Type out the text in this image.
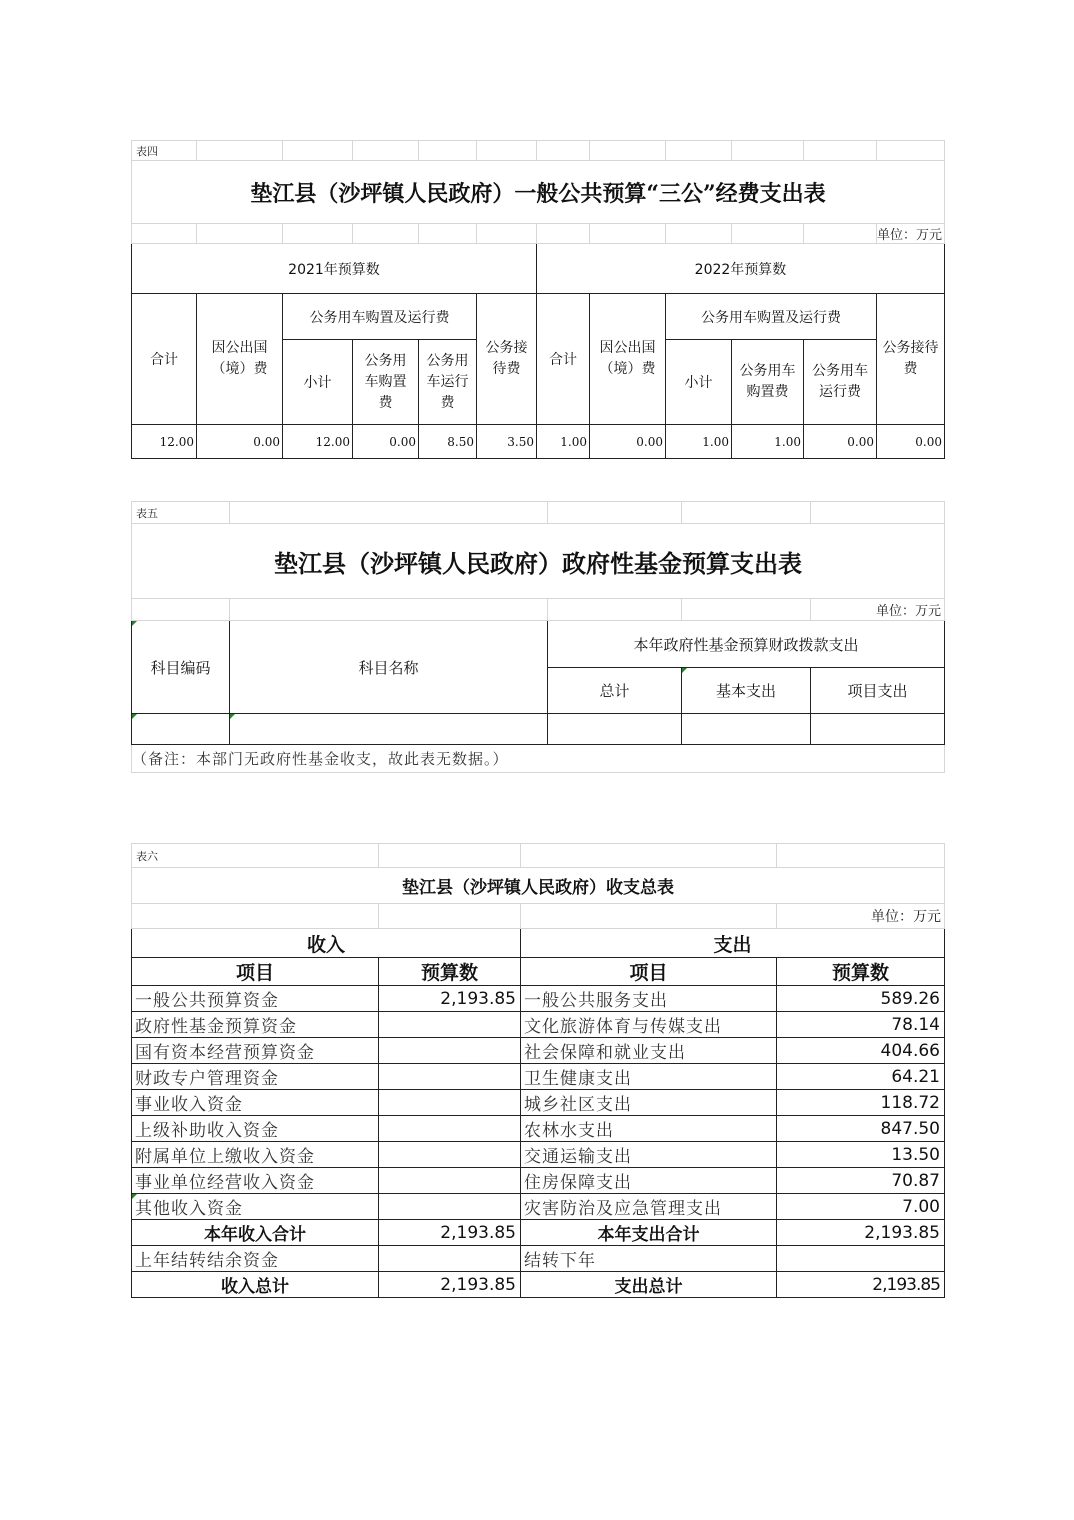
表四											
垫江县（沙坪镇人民政府）一般公共预算“三公”经费支出表											
											单位：万元
2021年预算数						2022年预算数					
合计	因公出国（境）费	公务用车购置及运行费			公务接待费	合计	因公出国（境）费	公务用车购置及运行费			公务接待费
		小计	公务用车购置费	公务用车运行费				小计	公务用车购置费	公务用车运行费	
12.00	0.00	12.00	0.00	8.50	3.50	1.00	0.00	1.00	1.00	0.00	0.00
表五				
垫江县（沙坪镇人民政府）政府性基金预算支出表				
				单位：万元
科目编码	科目名称	本年政府性基金预算财政拨款支出		
		总计	基本支出	项目支出

（备注：本部门无政府性基金收支，故此表无数据。）				
表六			
垫江县（沙坪镇人民政府）收支总表			
			单位：万元
收入		支出	
项目	预算数	项目	预算数
一般公共预算资金	2,193.85	一般公共服务支出	589.26
政府性基金预算资金		文化旅游体育与传媒支出	78.14
国有资本经营预算资金		社会保障和就业支出	404.66
财政专户管理资金		卫生健康支出	64.21
事业收入资金		城乡社区支出	118.72
上级补助收入资金		农林水支出	847.50
附属单位上缴收入资金		交通运输支出	13.50
事业单位经营收入资金		住房保障支出	70.87
其他收入资金		灾害防治及应急管理支出	7.00
本年收入合计	2,193.85	本年支出合计	2,193.85
上年结转结余资金		结转下年	
收入总计	2,193.85	支出总计	2,193.85
